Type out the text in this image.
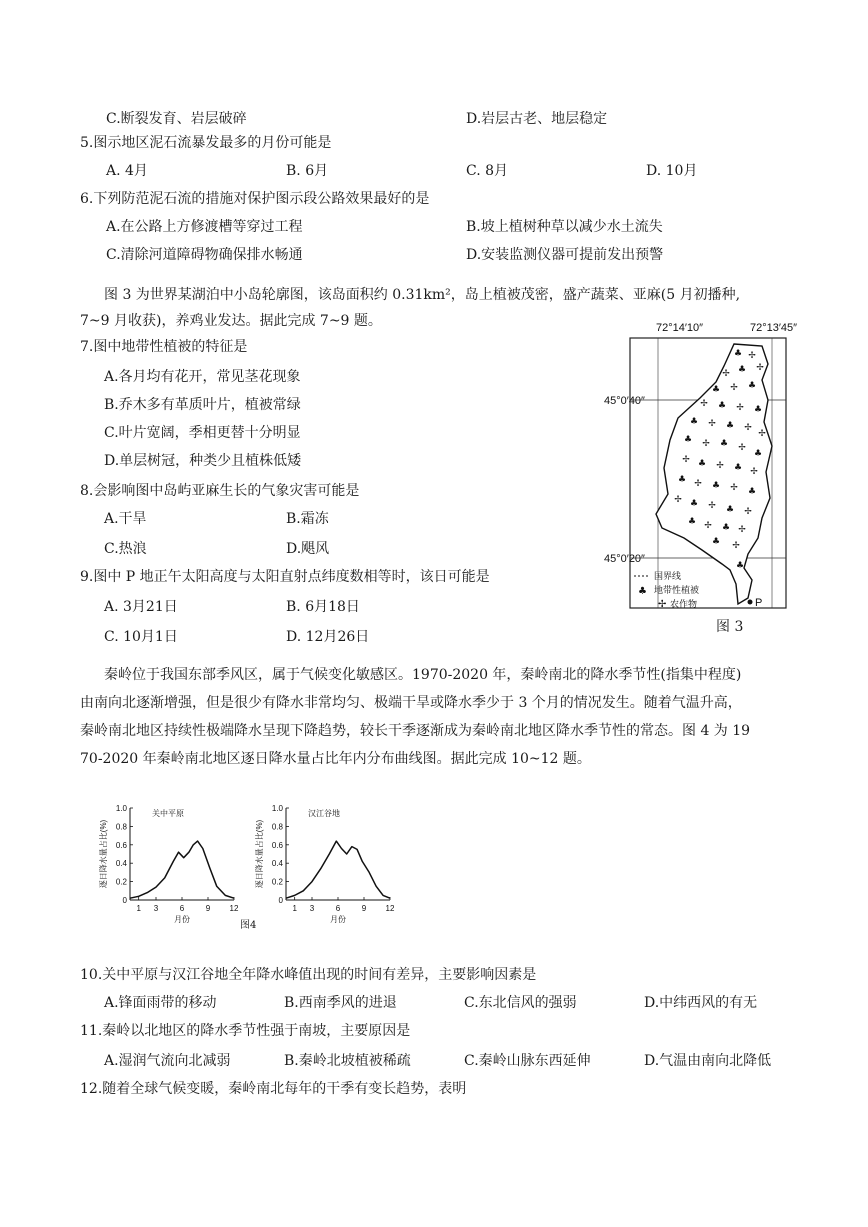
C.断裂发育、岩层破碎	D.岩层古老、地层稳定
5.图示地区泥石流暴发最多的月份可能是
A. 4月	B. 6月	C. 8月	D. 10月
6.下列防范泥石流的措施对保护图示段公路效果最好的是
A.在公路上方修渡槽等穿过工程	B.坡上植树种草以减少水土流失
C.清除河道障碍物确保排水畅通	D.安装监测仪器可提前发出预警
图 3 为世界某湖泊中小岛轮廓图，该岛面积约 0.31km²，岛上植被茂密，盛产蔬菜、亚麻(5 月初播种,
7~9 月收获)，养鸡业发达。据此完成 7~9 题。
7.图中地带性植被的特征是
A.各月均有花开，常见茎花现象
B.乔木多有革质叶片，植被常绿
C.叶片宽阔，季相更替十分明显
D.单层树冠，种类少且植株低矮
8.会影响图中岛屿亚麻生长的气象灾害可能是
A.干旱	B.霜冻
C.热浪	D.飓风
9.图中 P 地正午太阳高度与太阳直射点纬度数相等时，该日可能是
A. 3月21日	B. 6月18日
C. 10月1日	D. 12月26日
72°14′10″	72°13′45″
45°0′40″
45°0′20″
♣ ✢
✢
♣
✢
♣ ✢ ♣
✢ ♣ ✢ ♣
♣ ✢ ♣ ✢
✢
♣ ✢ ♣ ✢
♣
✢ ♣ ✢ ♣ ✢
♣ ✢ ♣ ✢ ♣
✢ ♣ ✢ ♣ ✢
♣ ✢ ♣ ✢
♣ ✢
♣
P
国界线
♣ 地带性植被
✢ 农作物
图 3
秦岭位于我国东部季风区，属于气候变化敏感区。1970-2020 年，秦岭南北的降水季节性(指集中程度)
由南向北逐渐增强，但是很少有降水非常均匀、极端干旱或降水季少于 3 个月的情况发生。随着气温升高，
秦岭南北地区持续性极端降水呈现下降趋势，较长干季逐渐成为秦岭南北地区降水季节性的常态。图 4 为 19
70-2020 年秦岭南北地区逐日降水量占比年内分布曲线图。据此完成 10~12 题。
0
0.2
0.4
0.6
0.8
1.0
1 3	6	9 12
关中平原
月份
逐日降水量占比(%)
0
0.2
0.4
0.6
0.8
1.0
1 3	6	9 12
汉江谷地
月份
逐日降水量占比(%)
图4
10.关中平原与汉江谷地全年降水峰值出现的时间有差异，主要影响因素是
A.锋面雨带的移动	B.西南季风的进退	C.东北信风的强弱	D.中纬西风的有无
11.秦岭以北地区的降水季节性强于南坡，主要原因是
A.湿润气流向北减弱	B.秦岭北坡植被稀疏	C.秦岭山脉东西延伸	D.气温由南向北降低
12.随着全球气候变暖，秦岭南北每年的干季有变长趋势，表明
